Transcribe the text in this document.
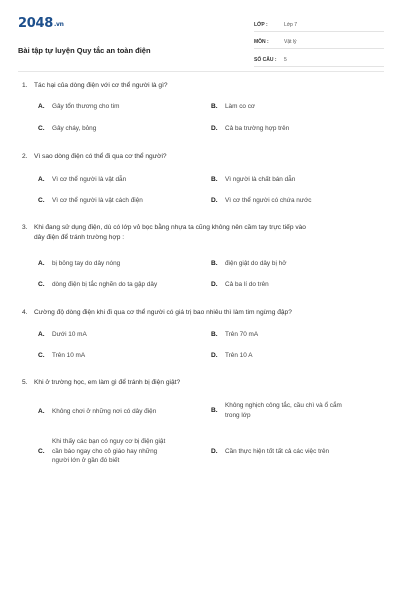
2048.vn
Bài tập tự luyện Quy tắc an toàn điện
LỚP :	Lớp 7
MÔN :	Vật lý
SỐ CÂU :	5
1. Tác hại của dòng điện với cơ thể người là gì?
A.	Gây tổn thương cho tim	B.	Làm co cơ
C.	Gây cháy, bỏng	D.	Cả ba trường hợp trên
2. Vì sao dòng điện có thể đi qua cơ thể người?
A.	Vì cơ thể người là vật dẫn	B.	Vì người là chất bán dẫn
C.	Vì cơ thể người là vật cách điện	D.	Vì cơ thể người có chứa nước
3. Khi đang sử dụng điện, dù có lớp vỏ bọc bằng nhựa ta cũng không nên cầm tay trực tiếp vào
dây điện để tránh trường hợp :
A.	bị bỏng tay do dây nóng	B.	điện giật do dây bị hở
C.	dòng điện bị tắc nghẽn do ta gập dây	D.	Cả ba lí do trên
4. Cường độ dòng điện khi đi qua cơ thể người có giá trị bao nhiêu thì làm tim ngừng đập?
A.	Dưới 10 mA	B.	Trên 70 mA
C.	Trên 10 mA	D.	Trên 10 A
5. Khi ở trường học, em làm gì để tránh bị điện giật?
A.	Không chơi ở những nơi có dây điện	B.
Không nghịch công tắc, cầu chì và ổ cắm
trong lớp
C.
Khi thấy các bạn có nguy cơ bị điện giật
cần báo ngay cho cô giáo hay những
người lớn ở gần đó biết
D.	Cần thực hiện tốt tất cả các việc trên
